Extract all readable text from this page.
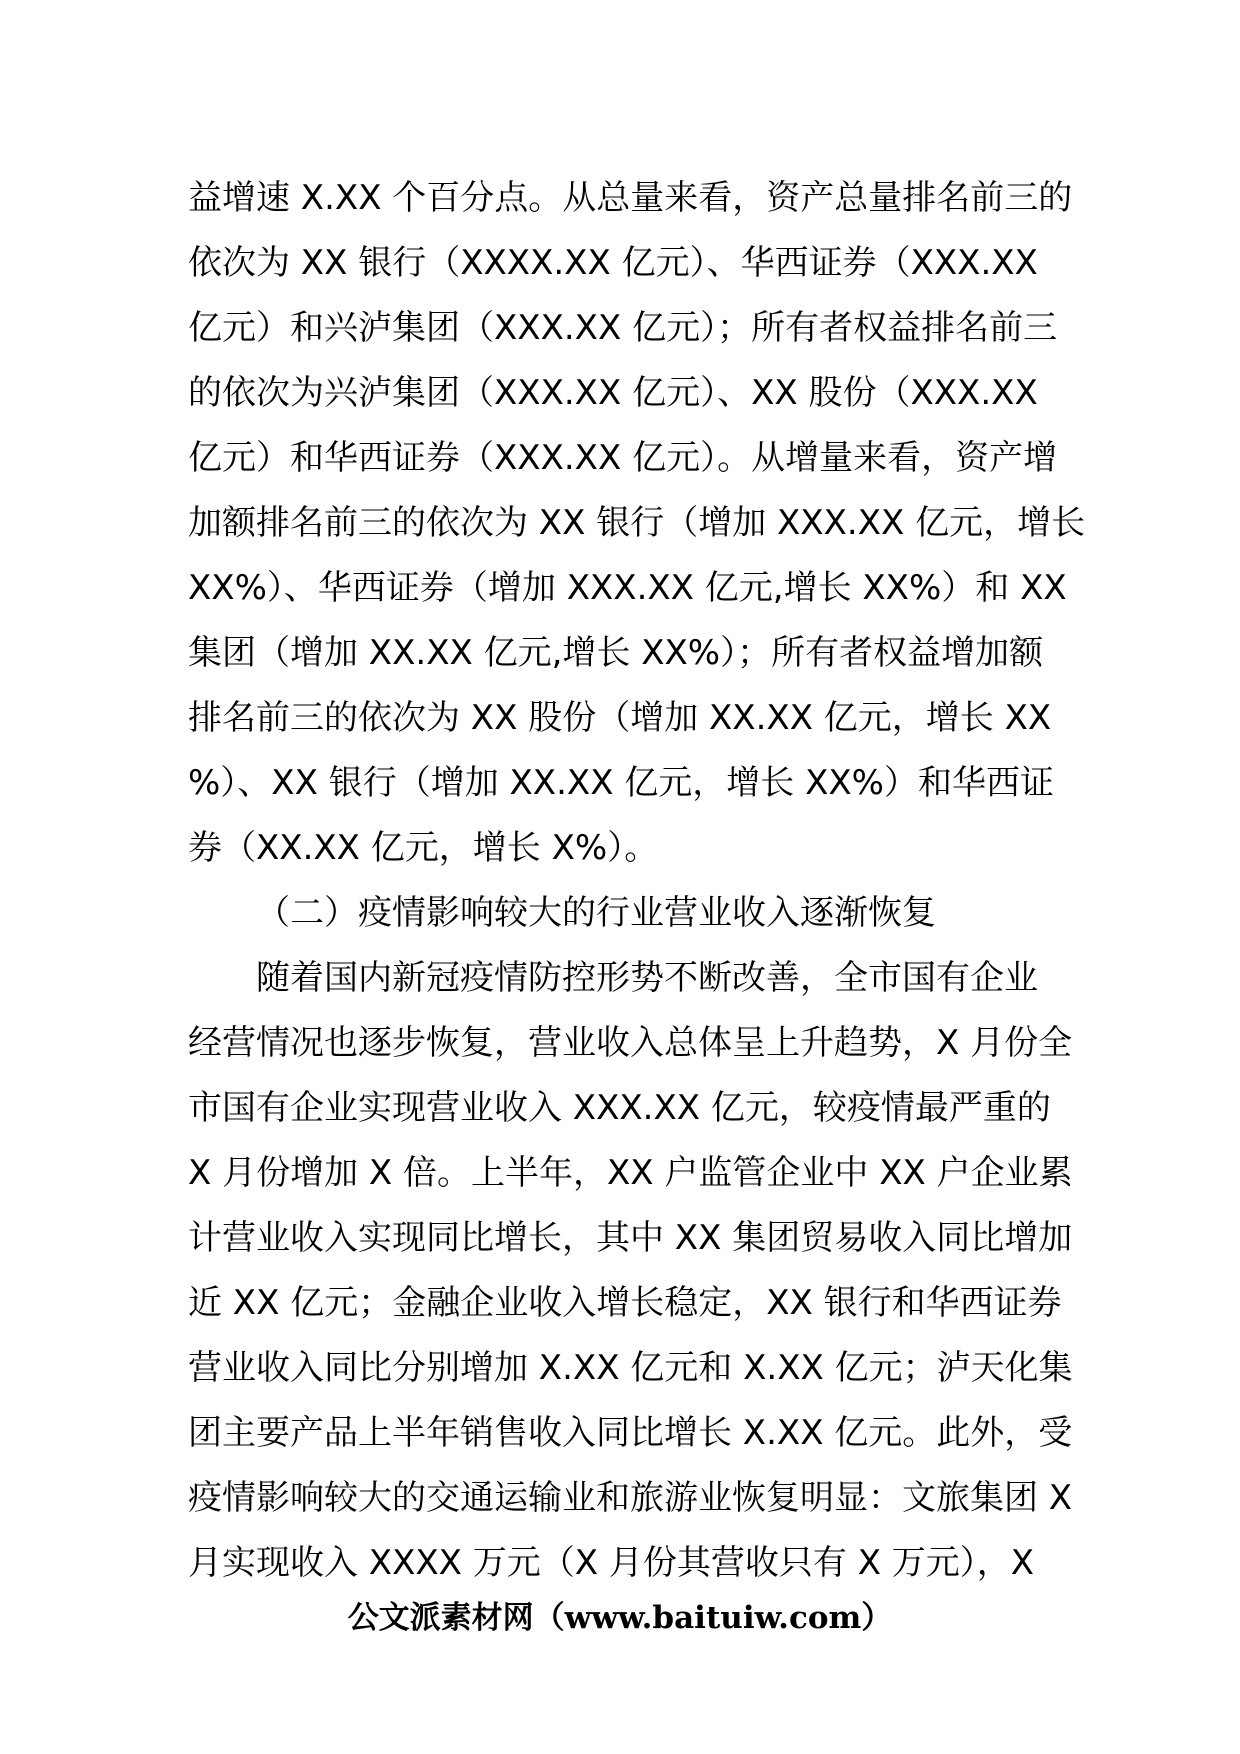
益增速 X.XX 个百分点。从总量来看，资产总量排名前三的
依次为 XX 银行（XXXX.XX 亿元）、华西证券（XXX.XX
亿元）和兴泸集团（XXX.XX 亿元）；所有者权益排名前三
的依次为兴泸集团（XXX.XX 亿元）、XX 股份（XXX.XX
亿元）和华西证券（XXX.XX 亿元）。从增量来看，资产增
加额排名前三的依次为 XX 银行（增加 XXX.XX 亿元，增长
XX%）、华西证券（增加 XXX.XX 亿元,增长 XX%）和 XX
集团（增加 XX.XX 亿元,增长 XX%）；所有者权益增加额
排名前三的依次为 XX 股份（增加 XX.XX 亿元，增长 XX
%）、XX 银行（增加 XX.XX 亿元，增长 XX%）和华西证
券（XX.XX 亿元，增长 X%）。
（二）疫情影响较大的行业营业收入逐渐恢复
随着国内新冠疫情防控形势不断改善，全市国有企业
经营情况也逐步恢复，营业收入总体呈上升趋势，X 月份全
市国有企业实现营业收入 XXX.XX 亿元，较疫情最严重的
X 月份增加 X 倍。上半年，XX 户监管企业中 XX 户企业累
计营业收入实现同比增长，其中 XX 集团贸易收入同比增加
近 XX 亿元；金融企业收入增长稳定，XX 银行和华西证券
营业收入同比分别增加 X.XX 亿元和 X.XX 亿元；泸天化集
团主要产品上半年销售收入同比增长 X.XX 亿元。此外，受
疫情影响较大的交通运输业和旅游业恢复明显：文旅集团 X
月实现收入 XXXX 万元（X 月份其营收只有 X 万元），X
公文派素材网（www.baituiw.com）
